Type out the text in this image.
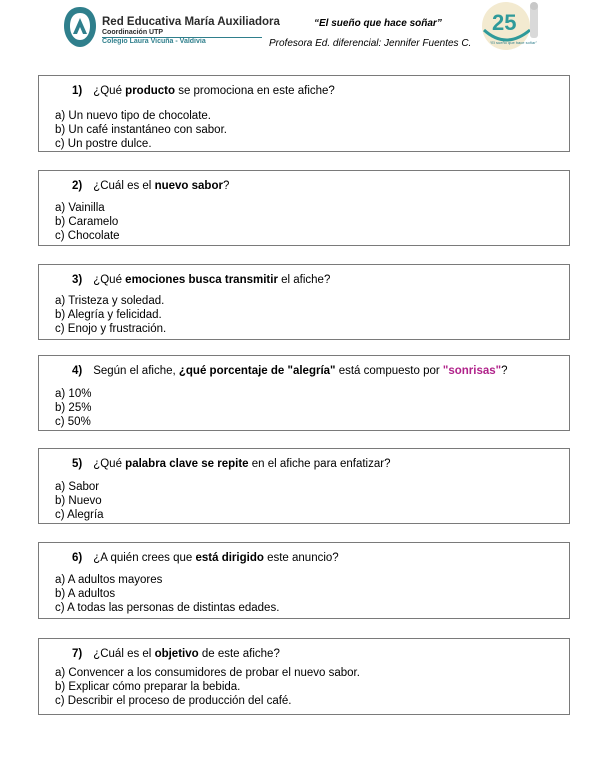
Red Educativa María Auxiliadora
Coordinación UTP
Colegio Laura Vicuña - Valdivia
“El sueño que hace soñar”
Profesora Ed. diferencial: Jennifer Fuentes C.
25
“El sueño que hace soñar”
1) ¿Qué producto se promociona en este afiche?
a) Un nuevo tipo de chocolate.
b) Un café instantáneo con sabor.
c) Un postre dulce.
2) ¿Cuál es el nuevo sabor?
a) Vainilla
b) Caramelo
c) Chocolate
3) ¿Qué emociones busca transmitir el afiche?
a) Tristeza y soledad.
b) Alegría y felicidad.
c) Enojo y frustración.
4) Según el afiche, ¿qué porcentaje de "alegría" está compuesto por "sonrisas"?
a) 10%
b) 25%
c) 50%
5) ¿Qué palabra clave se repite en el afiche para enfatizar?
a) Sabor
b) Nuevo
c) Alegría
6) ¿A quién crees que está dirigido este anuncio?
a) A adultos mayores
b) A adultos
c) A todas las personas de distintas edades.
7) ¿Cuál es el objetivo de este afiche?
a) Convencer a los consumidores de probar el nuevo sabor.
b) Explicar cómo preparar la bebida.
c) Describir el proceso de producción del café.
